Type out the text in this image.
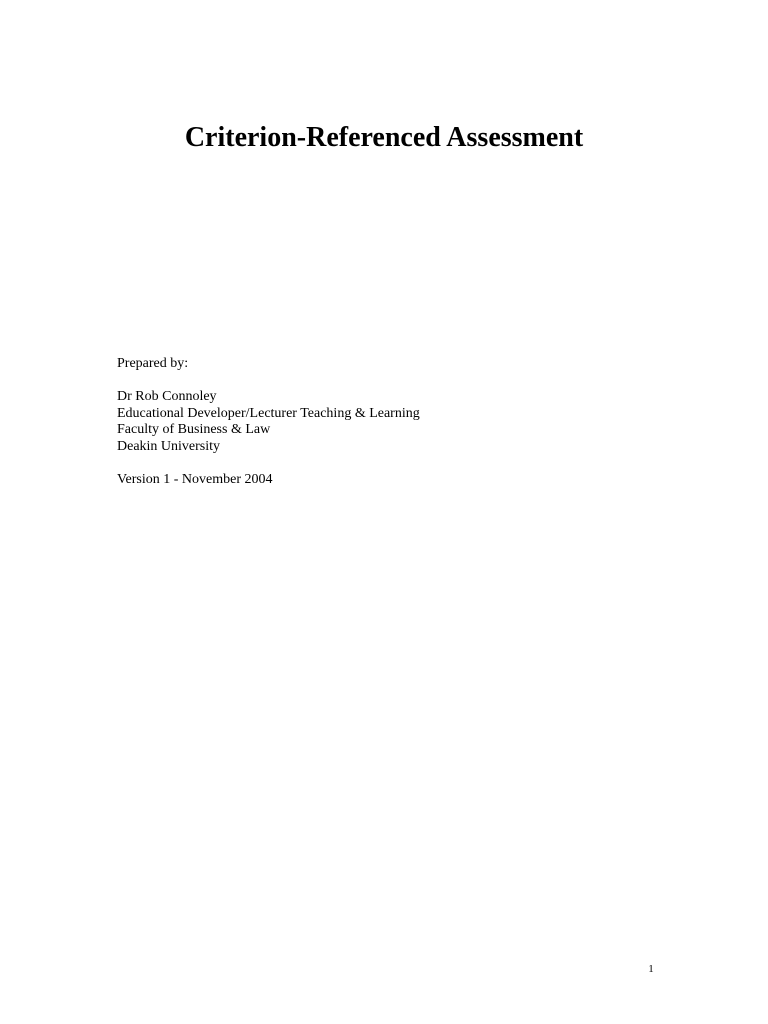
Criterion-Referenced Assessment
Prepared by:
Dr Rob Connoley
Educational Developer/Lecturer Teaching & Learning
Faculty of Business & Law
Deakin University
Version 1 - November 2004
1
